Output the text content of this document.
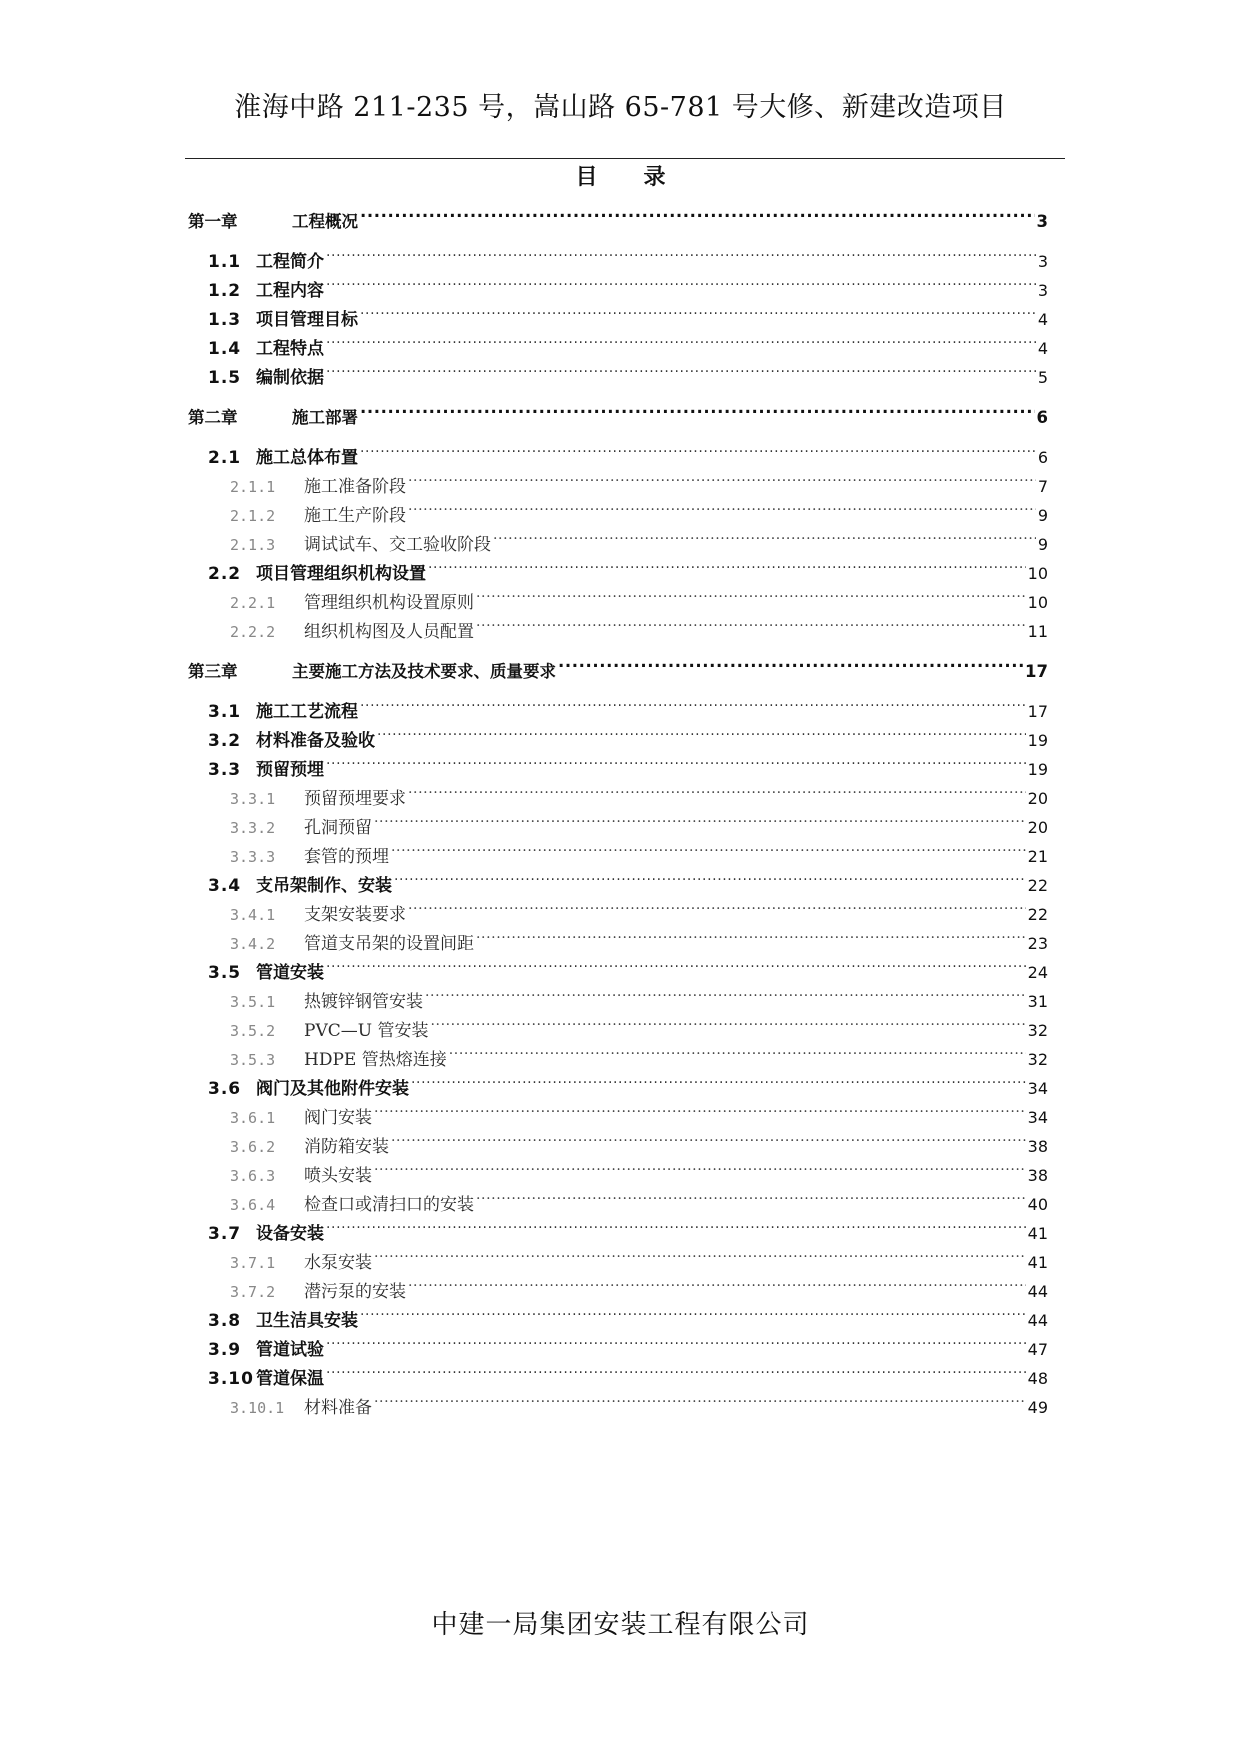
淮海中路 211-235 号，嵩山路 65-781 号大修、新建改造项目
目 录
第一章	工程概况 .....	3
1.1 工程简介 .....	3
1.2 工程内容 .....	3
1.3 项目管理目标 .....	4
1.4 工程特点 .....	4
1.5 编制依据 .....	5
第二章	施工部署 .....	6
2.1 施工总体布置 .....	6
2.1.1	施工准备阶段 .....	7
2.1.2	施工生产阶段 .....	9
2.1.3	调试试车、交工验收阶段 .....	9
2.2 项目管理组织机构设置 .....	10
2.2.1	管理组织机构设置原则 .....	10
2.2.2	组织机构图及人员配置 .....	11
第三章	主要施工方法及技术要求、质量要求 .....	17
3.1 施工工艺流程 .....	17
3.2 材料准备及验收 .....	19
3.3 预留预埋 .....	19
3.3.1	预留预埋要求 .....	20
3.3.2	孔洞预留 .....	20
3.3.3	套管的预埋 .....	21
3.4 支吊架制作、安装 .....	22
3.4.1	支架安装要求 .....	22
3.4.2	管道支吊架的设置间距 .....	23
3.5 管道安装 .....	24
3.5.1	热镀锌钢管安装 .....	31
3.5.2	PVC—U 管安装 .....	32
3.5.3	HDPE 管热熔连接 .....	32
3.6 阀门及其他附件安装 .....	34
3.6.1	阀门安装 .....	34
3.6.2	消防箱安装 .....	38
3.6.3	喷头安装 .....	38
3.6.4	检查口或清扫口的安装 .....	40
3.7 设备安装 .....	41
3.7.1	水泵安装 .....	41
3.7.2	潜污泵的安装 .....	44
3.8 卫生洁具安装 .....	44
3.9 管道试验 .....	47
3.10 管道保温 .....	48
3.10.1	材料准备 .....	49
中建一局集团安装工程有限公司
